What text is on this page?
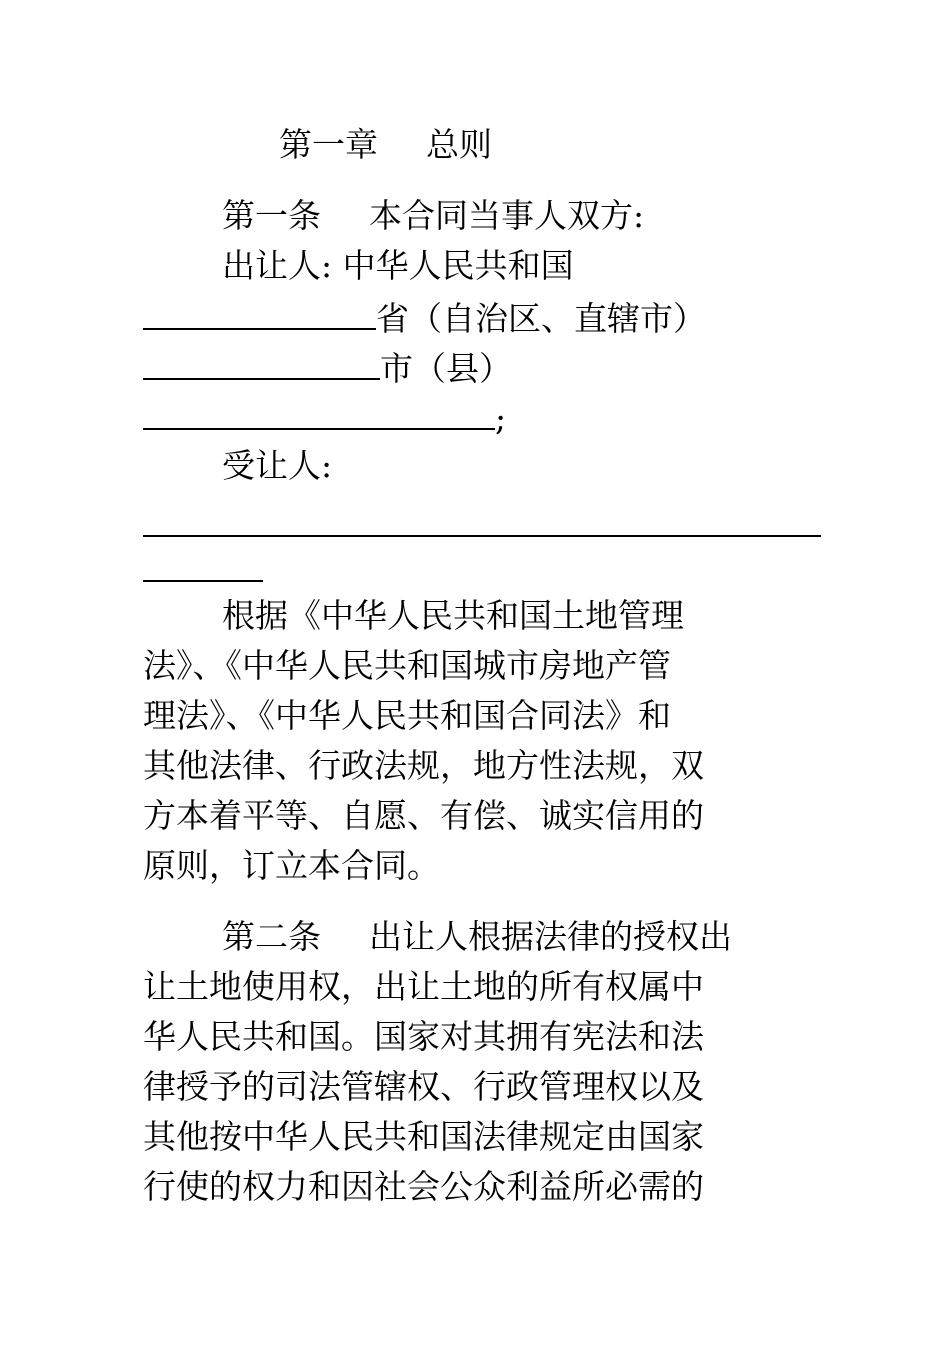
第一章 总则
第一条 本合同当事人双方:
出让人: 中华人民共和国
省（自治区、直辖市）
市（县）
;
受让人:
根据《中华人民共和国土地管理
法》、《中华人民共和国城市房地产管
理法》、《中华人民共和国合同法》和
其他法律、行政法规，地方性法规，双
方本着平等、自愿、有偿、诚实信用的
原则，订立本合同。
第二条 出让人根据法律的授权出
让土地使用权，出让土地的所有权属中
华人民共和国。国家对其拥有宪法和法
律授予的司法管辖权、行政管理权以及
其他按中华人民共和国法律规定由国家
行使的权力和因社会公众利益所必需的
